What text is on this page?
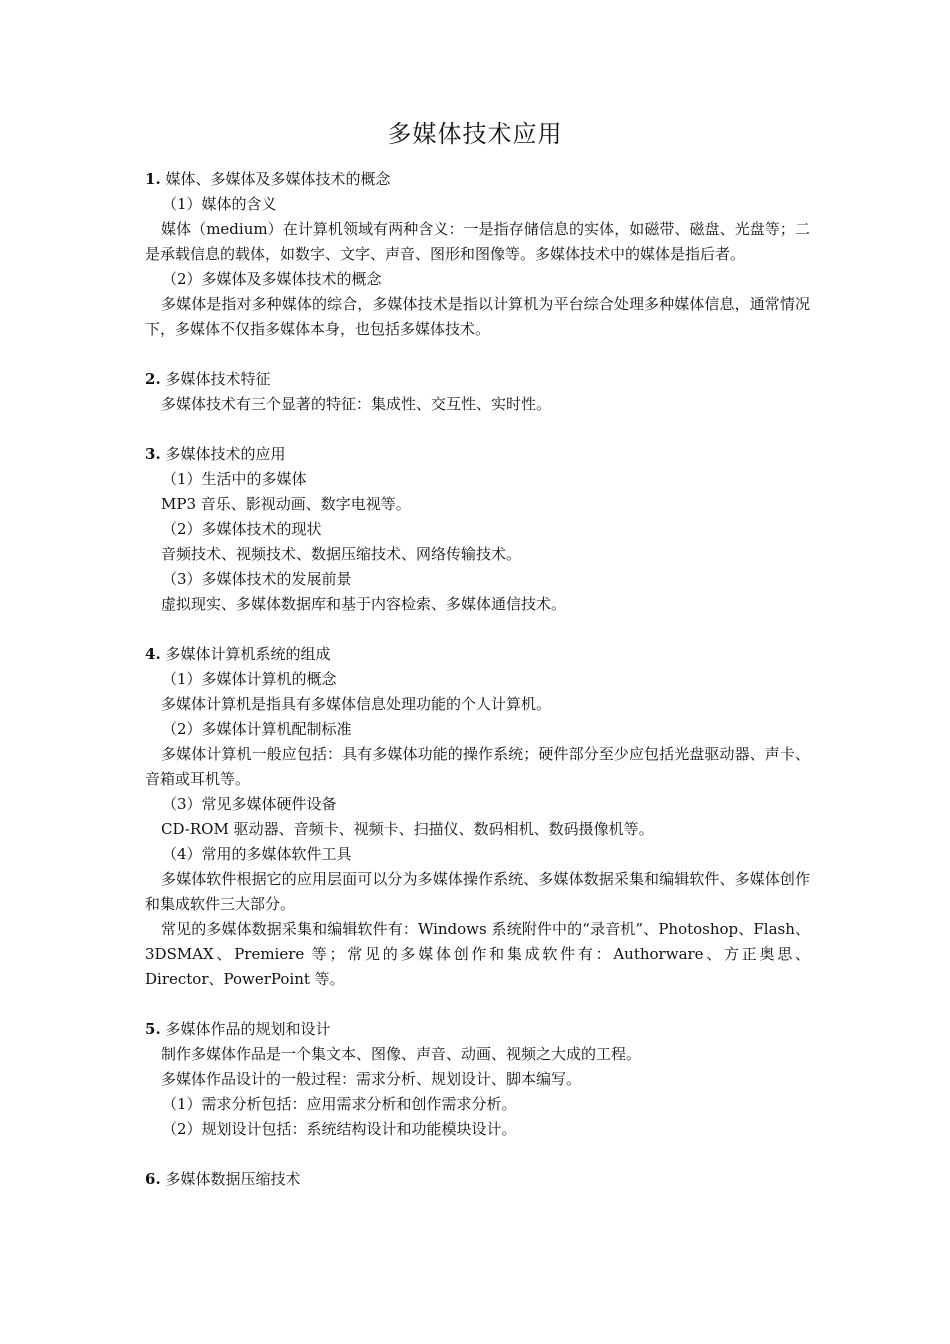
多媒体技术应用

1. 媒体、多媒体及多媒体技术的概念

（1）媒体的含义

媒体（medium）在计算机领域有两种含义：一是指存储信息的实体，如磁带、磁盘、光盘等；二是承载信息的载体，如数字、文字、声音、图形和图像等。多媒体技术中的媒体是指后者。

（2）多媒体及多媒体技术的概念

多媒体是指对多种媒体的综合，多媒体技术是指以计算机为平台综合处理多种媒体信息，通常情况下，多媒体不仅指多媒体本身，也包括多媒体技术。

2. 多媒体技术特征

多媒体技术有三个显著的特征：集成性、交互性、实时性。

3. 多媒体技术的应用

（1）生活中的多媒体

MP3 音乐、影视动画、数字电视等。

（2）多媒体技术的现状

音频技术、视频技术、数据压缩技术、网络传输技术。

（3）多媒体技术的发展前景

虚拟现实、多媒体数据库和基于内容检索、多媒体通信技术。

4. 多媒体计算机系统的组成

（1）多媒体计算机的概念

多媒体计算机是指具有多媒体信息处理功能的个人计算机。

（2）多媒体计算机配制标准

多媒体计算机一般应包括：具有多媒体功能的操作系统；硬件部分至少应包括光盘驱动器、声卡、音箱或耳机等。

（3）常见多媒体硬件设备

CD-ROM 驱动器、音频卡、视频卡、扫描仪、数码相机、数码摄像机等。

（4）常用的多媒体软件工具

多媒体软件根据它的应用层面可以分为多媒体操作系统、多媒体数据采集和编辑软件、多媒体创作和集成软件三大部分。

常见的多媒体数据采集和编辑软件有：Windows 系统附件中的“录音机”、Photoshop、Flash、3DSMAX、Premiere 等；常见的多媒体创作和集成软件有：Authorware、方正奥思、Director、PowerPoint 等。

5. 多媒体作品的规划和设计

制作多媒体作品是一个集文本、图像、声音、动画、视频之大成的工程。

多媒体作品设计的一般过程：需求分析、规划设计、脚本编写。

（1）需求分析包括：应用需求分析和创作需求分析。

（2）规划设计包括：系统结构设计和功能模块设计。

6. 多媒体数据压缩技术
